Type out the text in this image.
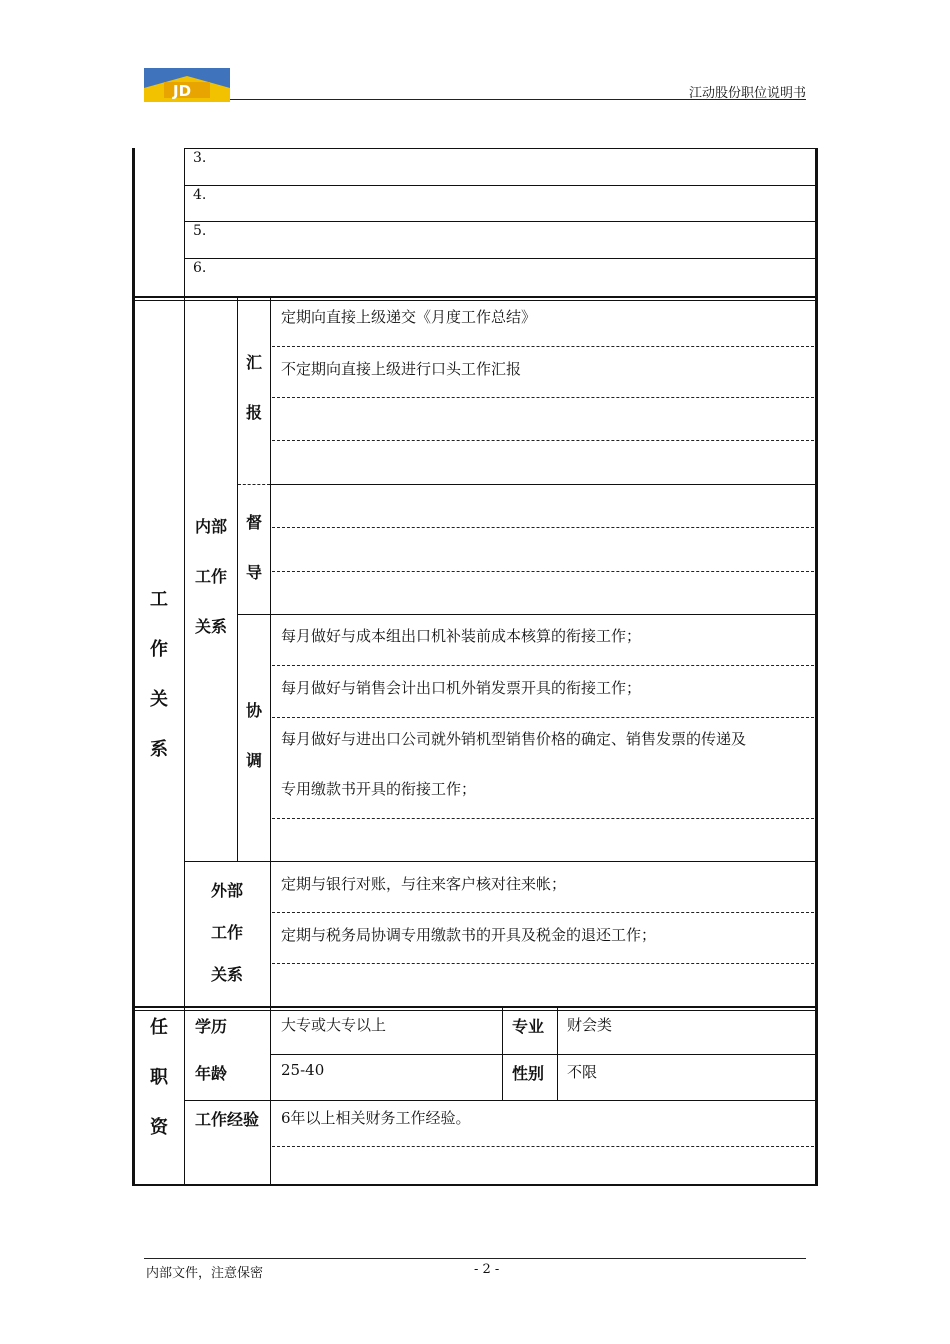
JD	江动股份职位说明书
3.
4.
5.
6.
工
作
关
系
内部
工作
关系
汇
报
定期向直接上级递交《月度工作总结》
不定期向直接上级进行口头工作汇报
督
导
协
调
每月做好与成本组出口机补装前成本核算的衔接工作；
每月做好与销售会计出口机外销发票开具的衔接工作；
每月做好与进出口公司就外销机型销售价格的确定、销售发票的传递及
专用缴款书开具的衔接工作；
外部
工作
关系
定期与银行对账，与往来客户核对往来帐；
定期与税务局协调专用缴款书的开具及税金的退还工作；
任
职
资
学历	大专或大专以上	专业 财会类
年龄	25-40	性别 不限
工作经验 6年以上相关财务工作经验。
内部文件，注意保密	- 2 -
